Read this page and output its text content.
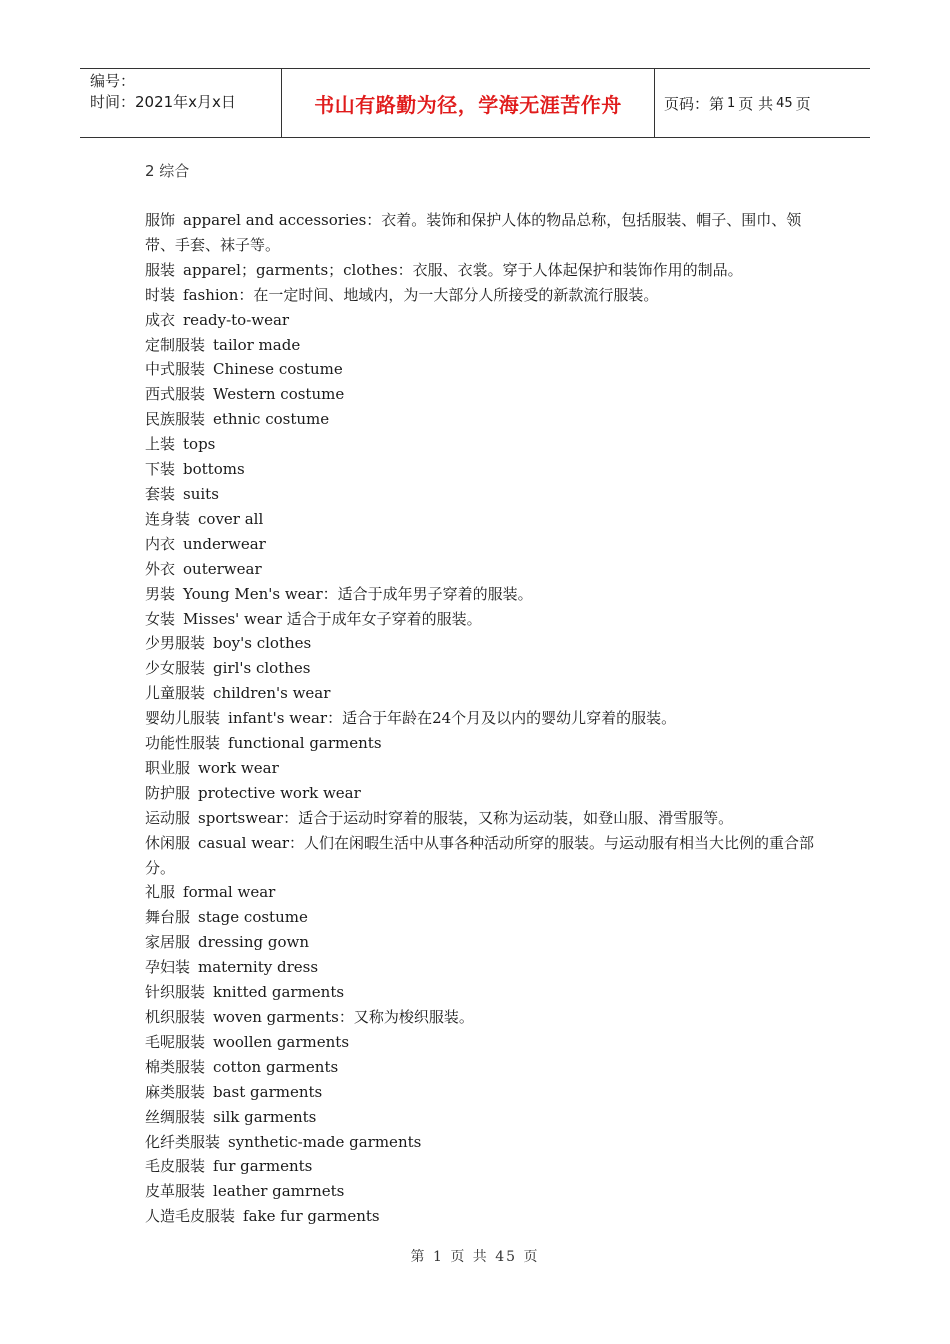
编号：
时间：2021年x月x日	书山有路勤为径，学海无涯苦作舟	页码：第 1 页 共 45 页
2 综合
服饰 apparel and accessories：衣着。装饰和保护人体的物品总称，包括服装、帽子、围巾、领带、手套、袜子等。
服装 apparel；garments；clothes：衣服、衣裳。穿于人体起保护和装饰作用的制品。
时装 fashion：在一定时间、地域内，为一大部分人所接受的新款流行服装。
成衣 ready-to-wear
定制服装 tailor made
中式服装 Chinese costume
西式服装 Western costume
民族服装 ethnic costume
上装 tops
下装 bottoms
套装 suits
连身装 cover all
内衣 underwear
外衣 outerwear
男装 Young Men's wear：适合于成年男子穿着的服装。
女装 Misses' wear 适合于成年女子穿着的服装。
少男服装 boy's clothes
少女服装 girl's clothes
儿童服装 children's wear
婴幼儿服装 infant's wear：适合于年龄在24个月及以内的婴幼儿穿着的服装。
功能性服装 functional garments
职业服 work wear
防护服 protective work wear
运动服 sportswear：适合于运动时穿着的服装，又称为运动装，如登山服、滑雪服等。
休闲服 casual wear：人们在闲暇生活中从事各种活动所穿的服装。与运动服有相当大比例的重合部分。
礼服 formal wear
舞台服 stage costume
家居服 dressing gown
孕妇装 maternity dress
针织服装 knitted garments
机织服装 woven garments：又称为梭织服装。
毛呢服装 woollen garments
棉类服装 cotton garments
麻类服装 bast garments
丝绸服装 silk garments
化纤类服装 synthetic-made garments
毛皮服装 fur garments
皮革服装 leather gamrnets
人造毛皮服装 fake fur garments
第 1 页 共 45 页
